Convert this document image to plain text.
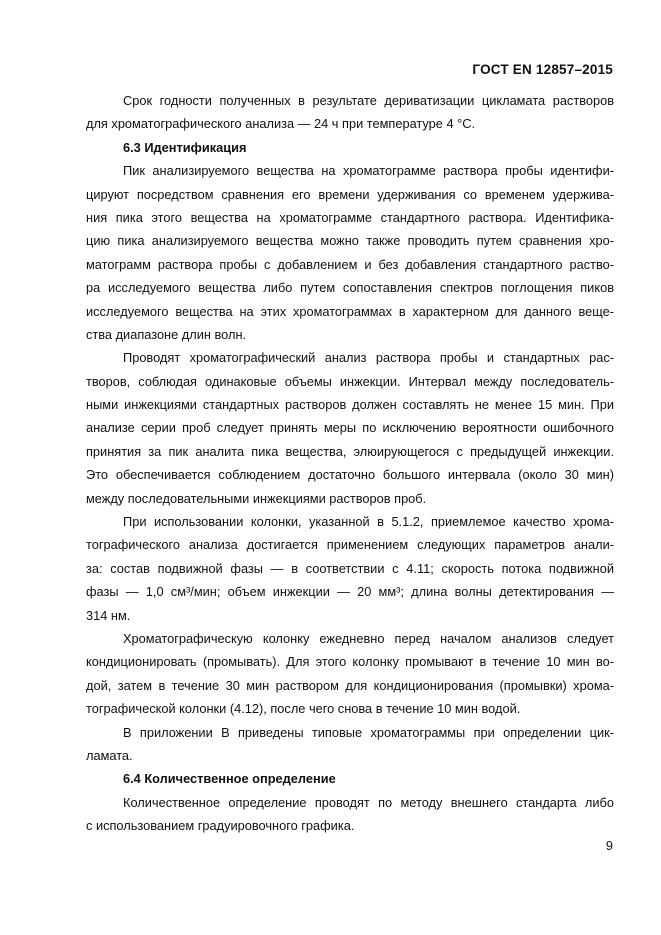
ГОСТ EN 12857–2015
Срок годности полученных в результате дериватизации цикламата растворов
для хроматографического анализа — 24 ч при температуре 4 °С.
6.3 Идентификация
Пик анализируемого вещества на хроматограмме раствора пробы идентифи-
цируют посредством сравнения его времени удерживания со временем удержива-
ния пика этого вещества на хроматограмме стандартного раствора. Идентифика-
цию пика анализируемого вещества можно также проводить путем сравнения хро-
матограмм раствора пробы с добавлением и без добавления стандартного раство-
ра исследуемого вещества либо путем сопоставления спектров поглощения пиков
исследуемого вещества на этих хроматограммах в характерном для данного веще-
ства диапазоне длин волн.
Проводят хроматографический анализ раствора пробы и стандартных рас-
творов, соблюдая одинаковые объемы инжекции. Интервал между последователь-
ными инжекциями стандартных растворов должен составлять не менее 15 мин. При
анализе серии проб следует принять меры по исключению вероятности ошибочного
принятия за пик аналита пика вещества, элюирующегося с предыдущей инжекции.
Это обеспечивается соблюдением достаточно большого интервала (около 30 мин)
между последовательными инжекциями растворов проб.
При использовании колонки, указанной в 5.1.2, приемлемое качество хрома-
тографического анализа достигается применением следующих параметров анали-
за: состав подвижной фазы — в соответствии с 4.11; скорость потока подвижной
фазы — 1,0 см³/мин; объем инжекции — 20 мм³; длина волны детектирования —
314 нм.
Хроматографическую колонку ежедневно перед началом анализов следует
кондиционировать (промывать). Для этого колонку промывают в течение 10 мин во-
дой, затем в течение 30 мин раствором для кондиционирования (промывки) хрома-
тографической колонки (4.12), после чего снова в течение 10 мин водой.
В приложении В приведены типовые хроматограммы при определении цик-
ламата.
6.4 Количественное определение
Количественное определение проводят по методу внешнего стандарта либо
с использованием градуировочного графика.
9
